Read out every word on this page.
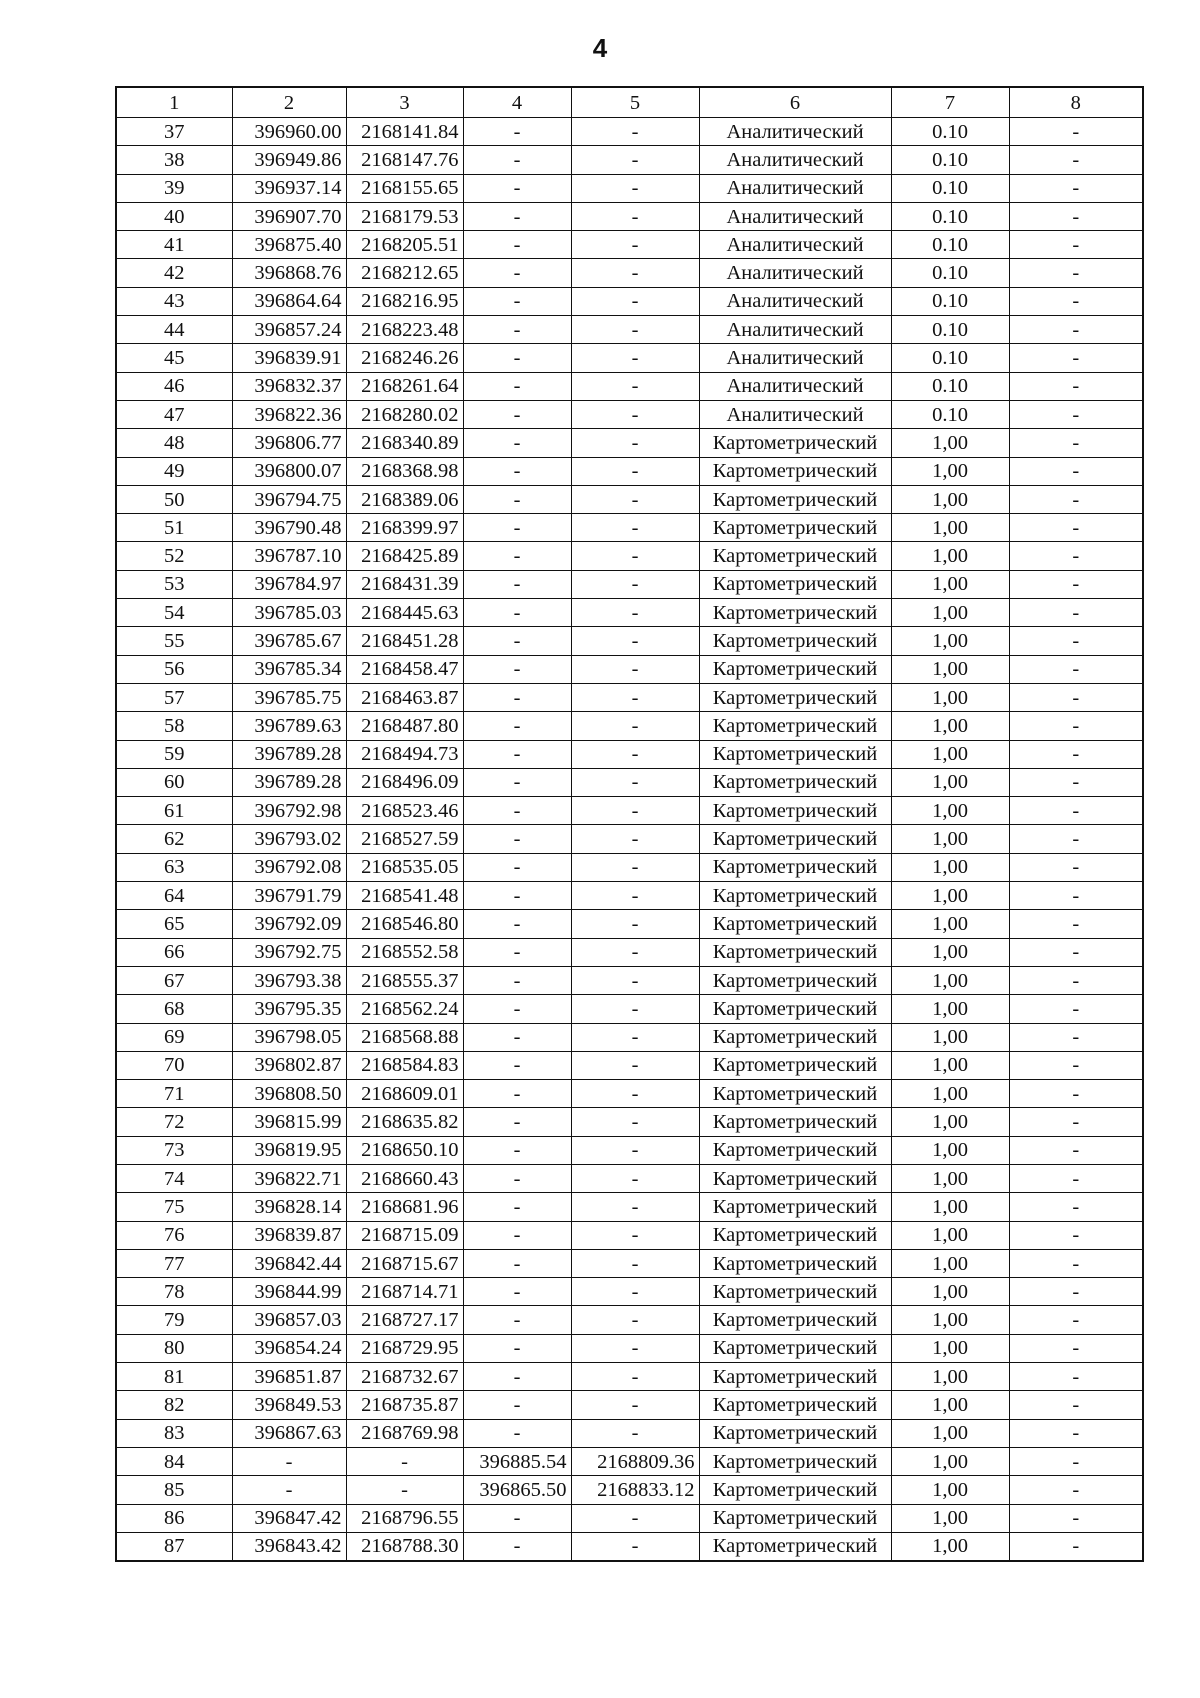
4
1	2	3	4	5	6	7	8
37	396960.00	2168141.84	-	-	Аналитический	0.10	-
38	396949.86	2168147.76	-	-	Аналитический	0.10	-
39	396937.14	2168155.65	-	-	Аналитический	0.10	-
40	396907.70	2168179.53	-	-	Аналитический	0.10	-
41	396875.40	2168205.51	-	-	Аналитический	0.10	-
42	396868.76	2168212.65	-	-	Аналитический	0.10	-
43	396864.64	2168216.95	-	-	Аналитический	0.10	-
44	396857.24	2168223.48	-	-	Аналитический	0.10	-
45	396839.91	2168246.26	-	-	Аналитический	0.10	-
46	396832.37	2168261.64	-	-	Аналитический	0.10	-
47	396822.36	2168280.02	-	-	Аналитический	0.10	-
48	396806.77	2168340.89	-	-	Картометрический	1,00	-
49	396800.07	2168368.98	-	-	Картометрический	1,00	-
50	396794.75	2168389.06	-	-	Картометрический	1,00	-
51	396790.48	2168399.97	-	-	Картометрический	1,00	-
52	396787.10	2168425.89	-	-	Картометрический	1,00	-
53	396784.97	2168431.39	-	-	Картометрический	1,00	-
54	396785.03	2168445.63	-	-	Картометрический	1,00	-
55	396785.67	2168451.28	-	-	Картометрический	1,00	-
56	396785.34	2168458.47	-	-	Картометрический	1,00	-
57	396785.75	2168463.87	-	-	Картометрический	1,00	-
58	396789.63	2168487.80	-	-	Картометрический	1,00	-
59	396789.28	2168494.73	-	-	Картометрический	1,00	-
60	396789.28	2168496.09	-	-	Картометрический	1,00	-
61	396792.98	2168523.46	-	-	Картометрический	1,00	-
62	396793.02	2168527.59	-	-	Картометрический	1,00	-
63	396792.08	2168535.05	-	-	Картометрический	1,00	-
64	396791.79	2168541.48	-	-	Картометрический	1,00	-
65	396792.09	2168546.80	-	-	Картометрический	1,00	-
66	396792.75	2168552.58	-	-	Картометрический	1,00	-
67	396793.38	2168555.37	-	-	Картометрический	1,00	-
68	396795.35	2168562.24	-	-	Картометрический	1,00	-
69	396798.05	2168568.88	-	-	Картометрический	1,00	-
70	396802.87	2168584.83	-	-	Картометрический	1,00	-
71	396808.50	2168609.01	-	-	Картометрический	1,00	-
72	396815.99	2168635.82	-	-	Картометрический	1,00	-
73	396819.95	2168650.10	-	-	Картометрический	1,00	-
74	396822.71	2168660.43	-	-	Картометрический	1,00	-
75	396828.14	2168681.96	-	-	Картометрический	1,00	-
76	396839.87	2168715.09	-	-	Картометрический	1,00	-
77	396842.44	2168715.67	-	-	Картометрический	1,00	-
78	396844.99	2168714.71	-	-	Картометрический	1,00	-
79	396857.03	2168727.17	-	-	Картометрический	1,00	-
80	396854.24	2168729.95	-	-	Картометрический	1,00	-
81	396851.87	2168732.67	-	-	Картометрический	1,00	-
82	396849.53	2168735.87	-	-	Картометрический	1,00	-
83	396867.63	2168769.98	-	-	Картометрический	1,00	-
84	-	-	396885.54	2168809.36	Картометрический	1,00	-
85	-	-	396865.50	2168833.12	Картометрический	1,00	-
86	396847.42	2168796.55	-	-	Картометрический	1,00	-
87	396843.42	2168788.30	-	-	Картометрический	1,00	-
